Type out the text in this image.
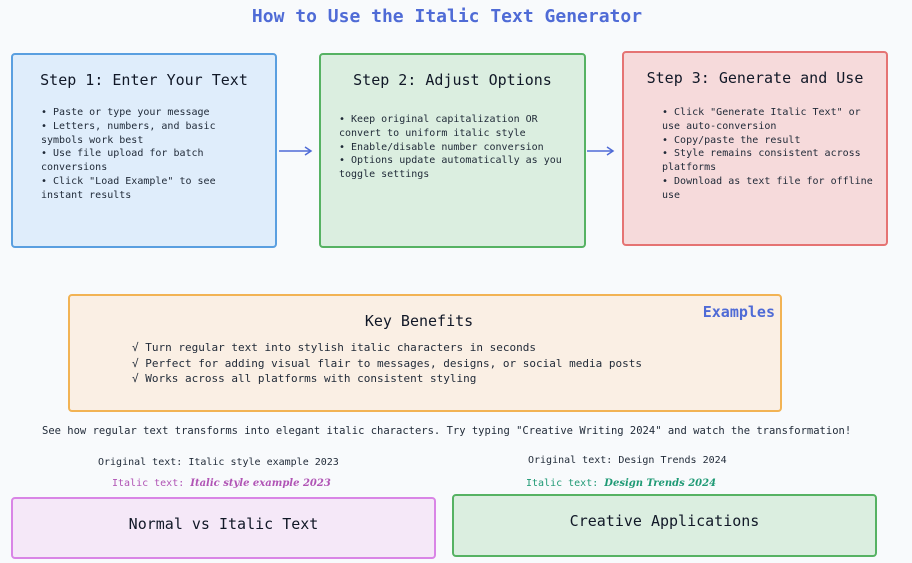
How to Use the Italic Text Generator
Step 1: Enter Your Text
• Paste or type your message
• Letters, numbers, and basic symbols work best
• Use file upload for batch conversions
• Click "Load Example" to see instant results
Step 2: Adjust Options
• Keep original capitalization OR convert to uniform italic style
• Enable/disable number conversion
• Options update automatically as you toggle settings
Step 3: Generate and Use
• Click "Generate Italic Text" or use auto-conversion
• Copy/paste the result
• Style remains consistent across platforms
• Download as text file for offline use
Key Benefits	Examples
√ Turn regular text into stylish italic characters in seconds
√ Perfect for adding visual flair to messages, designs, or social media posts
√ Works across all platforms with consistent styling
See how regular text transforms into elegant italic characters. Try typing "Creative Writing 2024" and watch the transformation!
Original text: Italic style example 2023
Italic text: Italic style example 2023
Original text: Design Trends 2024
Italic text: Design Trends 2024
Normal vs Italic Text	Creative Applications
